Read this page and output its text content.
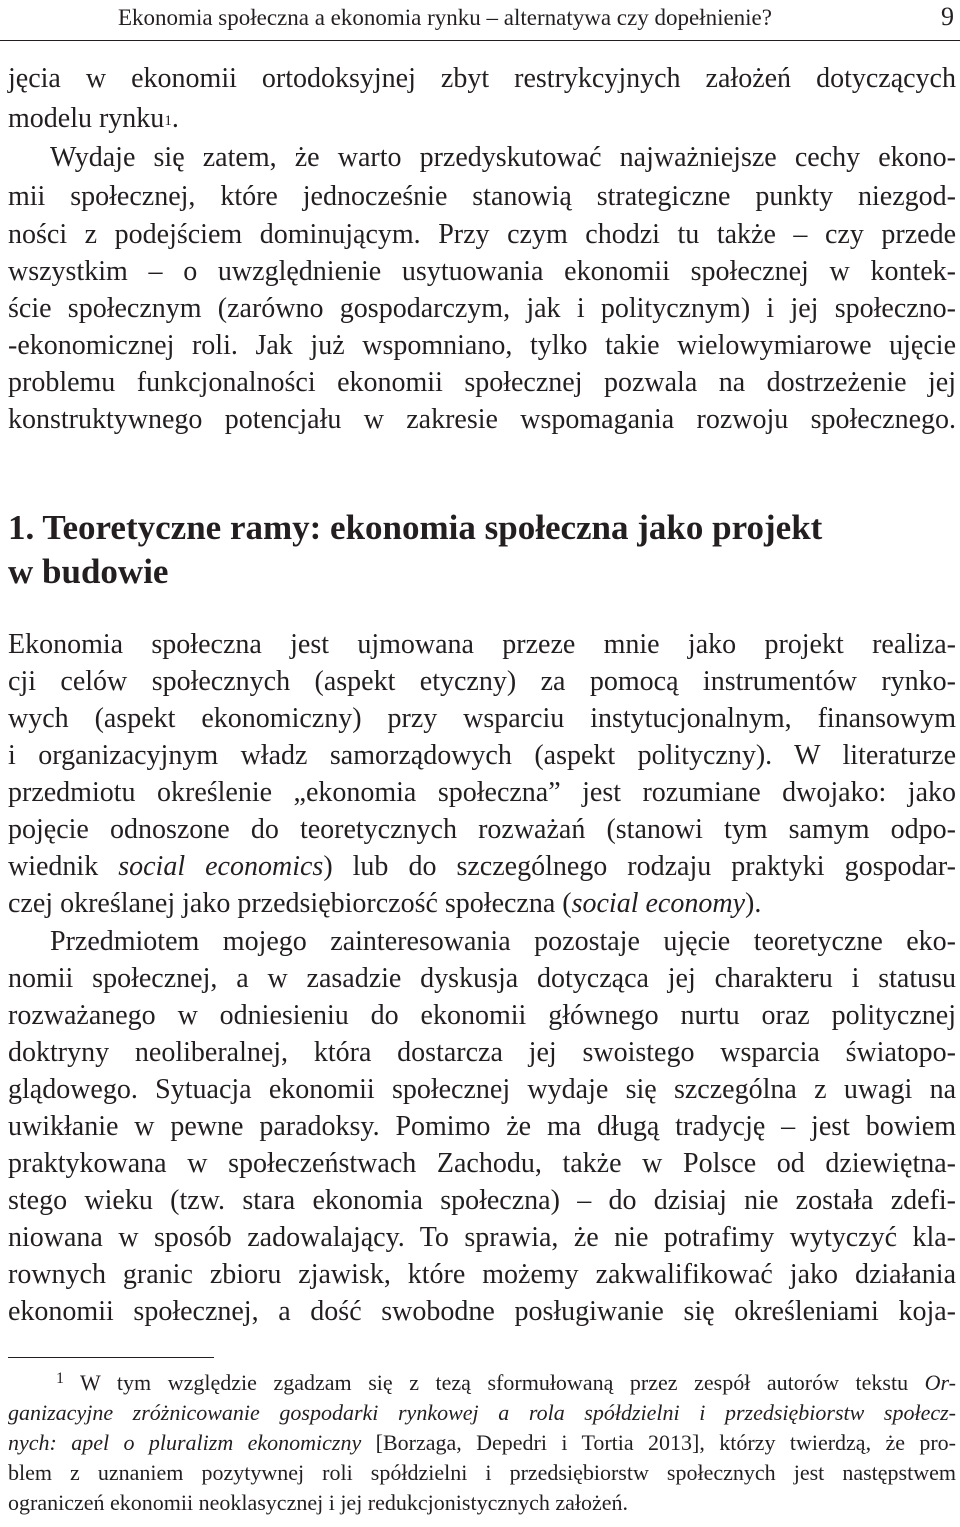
Ekonomia społeczna a ekonomia rynku – alternatywa czy dopełnienie?	9
jęcia w ekonomii ortodoksyjnej zbyt restrykcyjnych założeń dotyczących
modelu rynku$^1$.
Wydaje się zatem, że warto przedyskutować najważniejsze cechy ekono-
mii społecznej, które jednocześnie stanowią strategiczne punkty niezgod-
ności z podejściem dominującym. Przy czym chodzi tu także – czy przede
wszystkim – o uwzględnienie usytuowania ekonomii społecznej w kontek-
ście społecznym (zarówno gospodarczym, jak i politycznym) i jej społeczno-
-ekonomicznej roli. Jak już wspomniano, tylko takie wielowymiarowe ujęcie
problemu funkcjonalności ekonomii społecznej pozwala na dostrzeżenie jej
konstruktywnego potencjału w zakresie wspomagania rozwoju społecznego.
1. Teoretyczne ramy: ekonomia społeczna jako projekt
w budowie
Ekonomia społeczna jest ujmowana przeze mnie jako projekt realiza-
cji celów społecznych (aspekt etyczny) za pomocą instrumentów rynko-
wych (aspekt ekonomiczny) przy wsparciu instytucjonalnym, finansowym
i organizacyjnym władz samorządowych (aspekt polityczny). W literaturze
przedmiotu określenie „ekonomia społeczna” jest rozumiane dwojako: jako
pojęcie odnoszone do teoretycznych rozważań (stanowi tym samym odpo-
wiednik social economics) lub do szczególnego rodzaju praktyki gospodar-
czej określanej jako przedsiębiorczość społeczna (social economy).
Przedmiotem mojego zainteresowania pozostaje ujęcie teoretyczne eko-
nomii społecznej, a w zasadzie dyskusja dotycząca jej charakteru i statusu
rozważanego w odniesieniu do ekonomii głównego nurtu oraz politycznej
doktryny neoliberalnej, która dostarcza jej swoistego wsparcia światopo-
glądowego. Sytuacja ekonomii społecznej wydaje się szczególna z uwagi na
uwikłanie w pewne paradoksy. Pomimo że ma długą tradycję – jest bowiem
praktykowana w społeczeństwach Zachodu, także w Polsce od dziewiętna-
stego wieku (tzw. stara ekonomia społeczna) – do dzisiaj nie została zdefi-
niowana w sposób zadowalający. To sprawia, że nie potrafimy wytyczyć kla-
rownych granic zbioru zjawisk, które możemy zakwalifikować jako działania
ekonomii społecznej, a dość swobodne posługiwanie się określeniami koja-
1 W tym względzie zgadzam się z tezą sformułowaną przez zespół autorów tekstu Or-
ganizacyjne zróżnicowanie gospodarki rynkowej a rola spółdzielni i przedsiębiorstw społecz-
nych: apel o pluralizm ekonomiczny [Borzaga, Depedri i Tortia 2013], którzy twierdzą, że pro-
blem z uznaniem pozytywnej roli spółdzielni i przedsiębiorstw społecznych jest następstwem
ograniczeń ekonomii neoklasycznej i jej redukcjonistycznych założeń.
